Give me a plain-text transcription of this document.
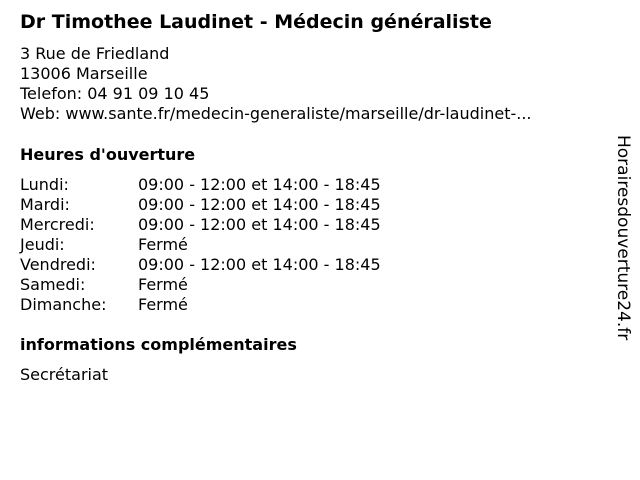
Dr Timothee Laudinet - Médecin généraliste
3 Rue de Friedland
13006 Marseille
Telefon: 04 91 09 10 45
Web: www.sante.fr/medecin-generaliste/marseille/dr-laudinet-...
Heures d'ouverture
Lundi:	09:00 - 12:00 et 14:00 - 18:45
Mardi:	09:00 - 12:00 et 14:00 - 18:45
Mercredi:	09:00 - 12:00 et 14:00 - 18:45
Jeudi:	Fermé
Vendredi:	09:00 - 12:00 et 14:00 - 18:45
Samedi:	Fermé
Dimanche:	Fermé
informations complémentaires
Secrétariat
Horairesdouverture24.fr
